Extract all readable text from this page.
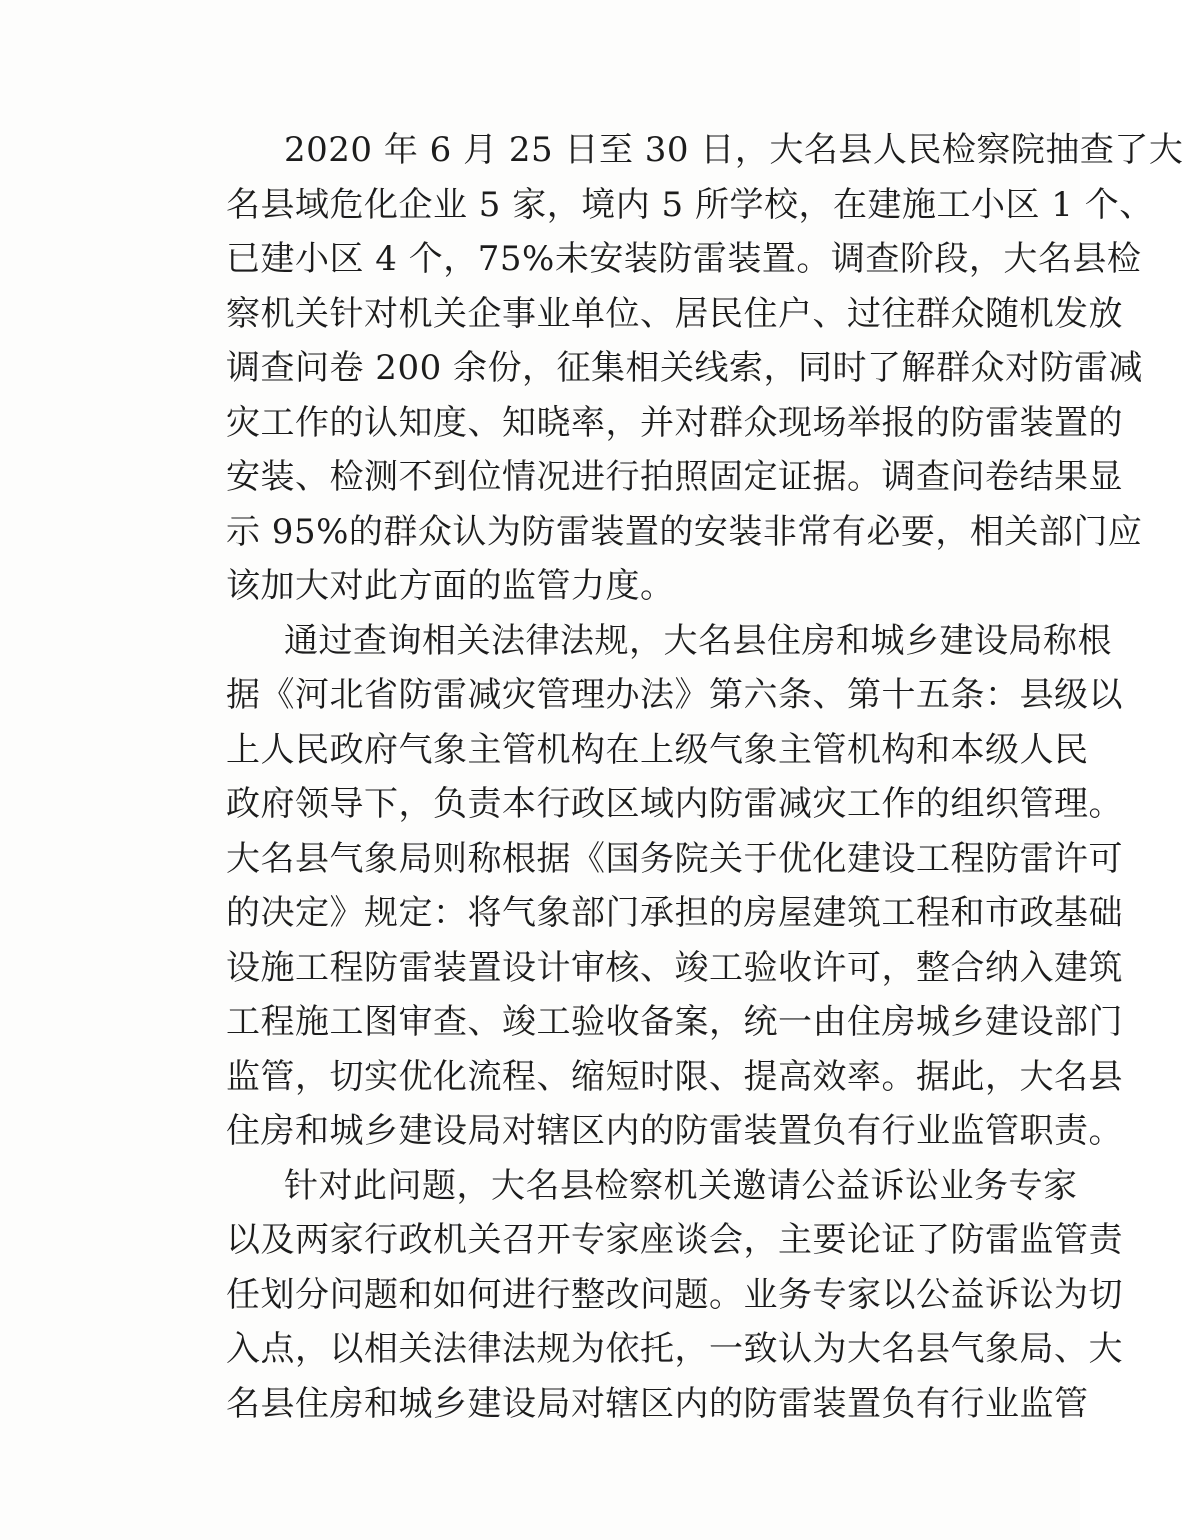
2020 年 6 月 25 日至 30 日，大名县人民检察院抽查了大
名县域危化企业 5 家，境内 5 所学校，在建施工小区 1 个、
已建小区 4 个，75%未安装防雷装置。调查阶段，大名县检
察机关针对机关企事业单位、居民住户、过往群众随机发放
调查问卷 200 余份，征集相关线索，同时了解群众对防雷减
灾工作的认知度、知晓率，并对群众现场举报的防雷装置的
安装、检测不到位情况进行拍照固定证据。调查问卷结果显
示 95%的群众认为防雷装置的安装非常有必要，相关部门应
该加大对此方面的监管力度。
通过查询相关法律法规，大名县住房和城乡建设局称根
据《河北省防雷减灾管理办法》第六条、第十五条：县级以
上人民政府气象主管机构在上级气象主管机构和本级人民
政府领导下，负责本行政区域内防雷减灾工作的组织管理。
大名县气象局则称根据《国务院关于优化建设工程防雷许可
的决定》规定：将气象部门承担的房屋建筑工程和市政基础
设施工程防雷装置设计审核、竣工验收许可，整合纳入建筑
工程施工图审查、竣工验收备案，统一由住房城乡建设部门
监管，切实优化流程、缩短时限、提高效率。据此，大名县
住房和城乡建设局对辖区内的防雷装置负有行业监管职责。
针对此问题，大名县检察机关邀请公益诉讼业务专家
以及两家行政机关召开专家座谈会，主要论证了防雷监管责
任划分问题和如何进行整改问题。业务专家以公益诉讼为切
入点，以相关法律法规为依托，一致认为大名县气象局、大
名县住房和城乡建设局对辖区内的防雷装置负有行业监管
